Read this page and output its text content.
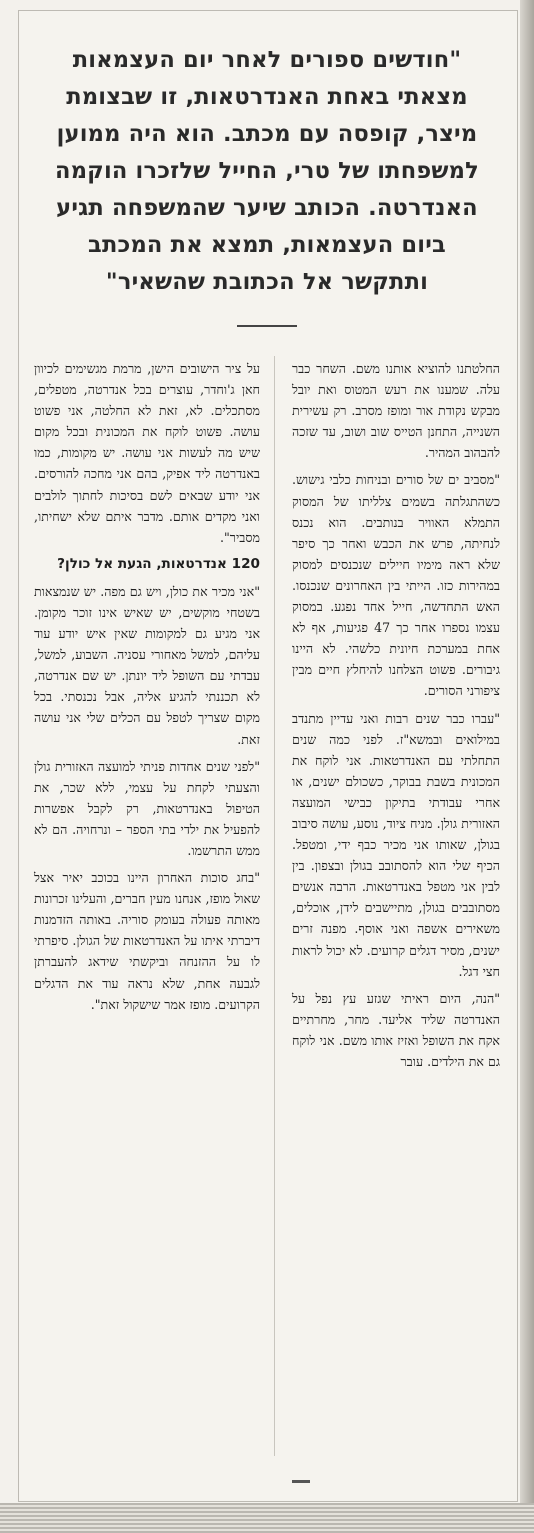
"חודשים ספורים לאחר יום העצמאות מצאתי באחת האנדרטאות, זו שבצומת מיצר, קופסה עם מכתב. הוא היה ממוען למשפחתו של טרי, החייל שלזכרו הוקמה האנדרטה. הכותב שיער שהמשפחה תגיע ביום העצמאות, תמצא את המכתב ותתקשר אל הכתובת שהשאיר"

החלטתנו להוציא אותנו משם. השחר כבר עלה. שמענו את רעש המטוס ואת יובל מבקש נקודת אור ומופז מסרב. רק עשירית השנייה, התחנן הטייס שוב ושוב, עד שזכה להבהוב המהיר.

"מסביב ים של סורים ובניחות כלבי גישוש. כשהתגלתה בשמים צלליתו של המסוק התמלא האוויר בנותבים. הוא נכנס לנחיתה, פרש את הכבש ואחר כך סיפר שלא ראה מימיו חיילים שנכנסים למסוק במהירות כזו. הייתי בין האחרונים שנכנסו. האש התחדשה, חייל אחד נפגע. במסוק עצמו נספרו אחר כך 47 פגיעות, אף לא אחת במערכת חיונית כלשהי. לא היינו גיבורים. פשוט הצלחנו להיחלץ חיים מבין ציפורני הסורים.

"עברו כבר שנים רבות ואני עדיין מתנדב במילואים ובמשא"ז. לפני כמה שנים התחלתי עם האנדרטאות. אני לוקח את המכונית בשבת בבוקר, כשכולם ישנים, או אחרי עבודתי בתיקון כבישי המועצה האזורית גולן. מניח ציוד, נוסע, עושה סיבוב בגולן, שאותו אני מכיר כבף ידי, ומטפל. הכיף שלי הוא להסתובב בגולן ובצפון. בין לבין אני מטפל באנדרטאות. הרבה אנשים מסתובבים בגולן, מתיישבים לידן, אוכלים, משאירים אשפה ואני אוסף. מפנה זרים ישנים, מסיר דגלים קרועים. לא יכול לראות חצי דגל.

"הנה, היום ראיתי שגזע עץ נפל על האנדרטה שליד אליעד. מחר, מחרתיים אקח את השופל ואזיז אותו משם. אני לוקח גם את הילדים. עובר

על ציר הישובים הישן, מרמת מגשימים לכיוון חאן ג'וחדר, עוצרים בכל אנדרטה, מטפלים, מסתכלים. לא, זאת לא החלטה, אני פשוט עושה. פשוט לוקח את המכונית ובכל מקום שיש מה לעשות אני עושה. יש מקומות, כמו באנדרטה ליד אפיק, בהם אני מחכה להורסים. אני יודע שבאים לשם בסיכות לחתוך לולבים ואני מקדים אותם. מדבר איתם שלא ישחיתו, מסביר".

120 אנדרטאות, הגעת אל כולן?

"אני מכיר את כולן, ויש גם מפה. יש שנמצאות בשטחי מוקשים, יש שאיש אינו זוכר מקומן. אני מגיע גם למקומות שאין איש יודע עוד עליהם, למשל מאחורי עסניה. השבוע, למשל, עבדתי עם השופל ליד יונתן. יש שם אנדרטה, לא תכננתי להגיע אליה, אבל נכנסתי. בכל מקום שצריך לטפל עם הכלים שלי אני עושה זאת.

"לפני שנים אחדות פניתי למועצה האזורית גולן והצעתי לקחת על עצמי, ללא שכר, את הטיפול באנדרטאות, רק לקבל אפשרות להפעיל את ילדי בתי הספר – ונרחויה. הם לא ממש התרשמו.

"בחג סוכות האחרון היינו בכוכב יאיר אצל שאול מופז, אנחנו מעין חברים, והעלינו זכרונות מאותה פעולה בעומק סוריה. באותה הזדמנות דיברתי איתו על האנדרטאות של הגולן. סיפרתי לו על ההזנחה וביקשתי שידאג להעברתן לגבעה אחת, שלא נראה עוד את הדגלים הקרועים. מופז אמר שישקול זאת".
